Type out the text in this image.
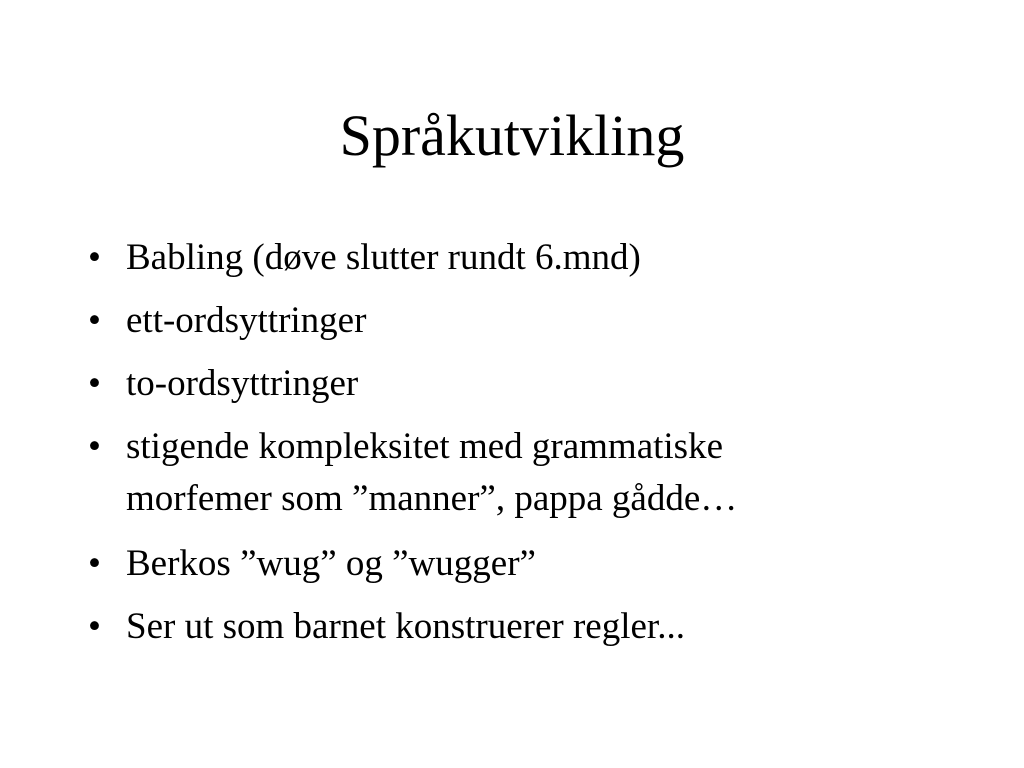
Språkutvikling
• Babling (døve slutter rundt 6.mnd)
• ett-ordsyttringer
• to-ordsyttringer
• stigende kompleksitet med grammatiske
morfemer som ”manner”, pappa gådde…
• Berkos ”wug” og ”wugger”
• Ser ut som barnet konstruerer regler...
